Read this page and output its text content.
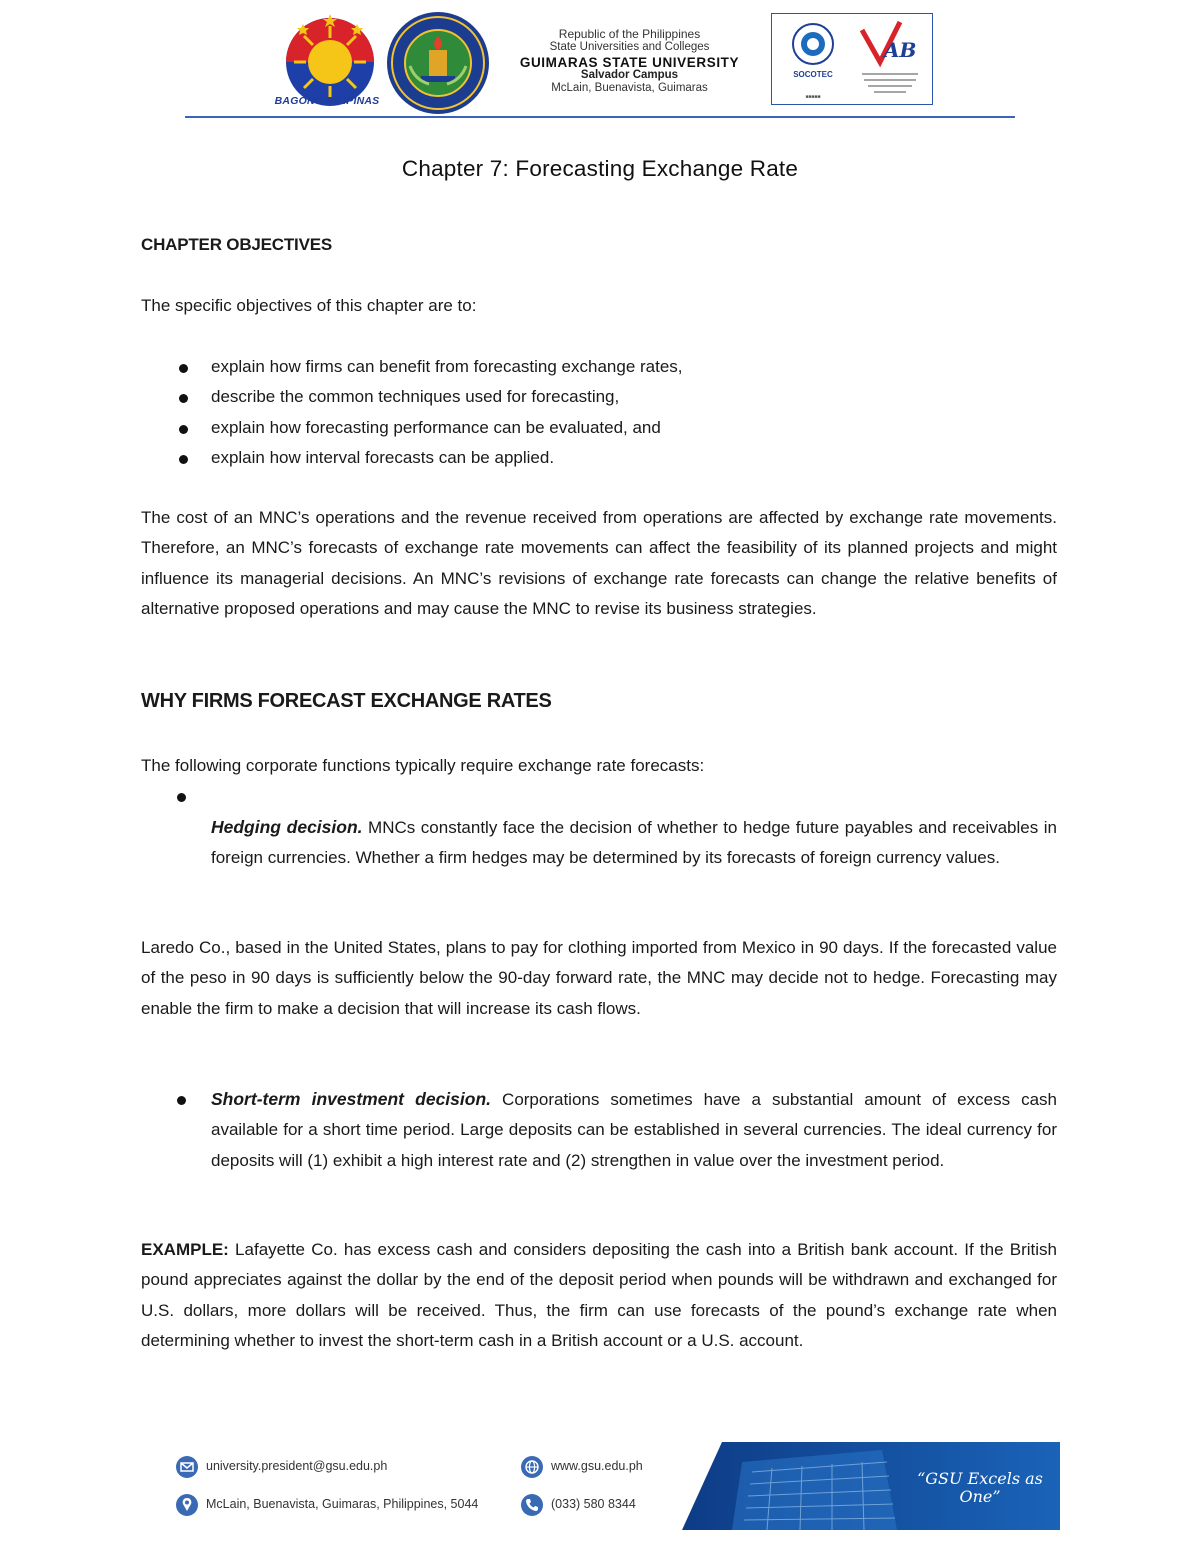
BAGONG PILIPINAS
Republic of the Philippines
State Universities and Colleges
GUIMARAS STATE UNIVERSITY
Salvador Campus
McLain, Buenavista, Guimaras
SOCOTEC
■■■■■
AB
Chapter 7: Forecasting Exchange Rate
CHAPTER OBJECTIVES
The specific objectives of this chapter are to:
explain how firms can benefit from forecasting exchange rates,
describe the common techniques used for forecasting,
explain how forecasting performance can be evaluated, and
explain how interval forecasts can be applied.
The cost of an MNC’s operations and the revenue received from operations are affected by exchange rate movements. Therefore, an MNC’s forecasts of exchange rate movements can affect the feasibility of its planned projects and might influence its managerial decisions. An MNC’s revisions of exchange rate forecasts can change the relative benefits of alternative proposed operations and may cause the MNC to revise its business strategies.
WHY FIRMS FORECAST EXCHANGE RATES
The following corporate functions typically require exchange rate forecasts:
Hedging decision. MNCs constantly face the decision of whether to hedge future payables and receivables in foreign currencies. Whether a firm hedges may be determined by its forecasts of foreign currency values.
Laredo Co., based in the United States, plans to pay for clothing imported from Mexico in 90 days. If the forecasted value of the peso in 90 days is sufficiently below the 90-day forward rate, the MNC may decide not to hedge. Forecasting may enable the firm to make a decision that will increase its cash flows.
Short-term investment decision. Corporations sometimes have a substantial amount of excess cash available for a short time period. Large deposits can be established in several currencies. The ideal currency for deposits will (1) exhibit a high interest rate and (2) strengthen in value over the investment period.
EXAMPLE: Lafayette Co. has excess cash and considers depositing the cash into a British bank account. If the British pound appreciates against the dollar by the end of the deposit period when pounds will be withdrawn and exchanged for U.S. dollars, more dollars will be received. Thus, the firm can use forecasts of the pound’s exchange rate when determining whether to invest the short-term cash in a British account or a U.S. account.
university.president@gsu.edu.ph
McLain, Buenavista, Guimaras, Philippines, 5044
www.gsu.edu.ph
(033) 580 8344
“GSU Excels as One”
